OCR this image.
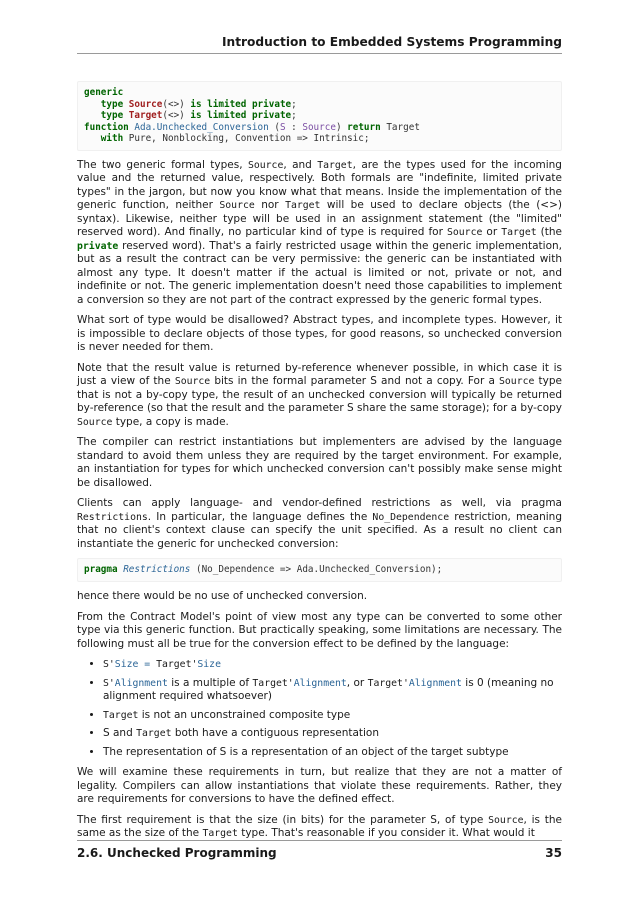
Introduction to Embedded Systems Programming
generic
type Source(<>) is limited private;
type Target(<>) is limited private;
function Ada.Unchecked_Conversion (S : Source) return Target
with Pure, Nonblocking, Convention => Intrinsic;

The two generic formal types, Source, and Target, are the types used for the incoming value and the returned value, respectively. Both formals are "indefinite, limited private types" in the jargon, but now you know what that means. Inside the implementation of the generic function, neither Source nor Target will be used to declare objects (the (<>) syntax). Likewise, neither type will be used in an assignment statement (the "limited" reserved word). And finally, no particular kind of type is required for Source or Target (the private reserved word). That's a fairly restricted usage within the generic implementation, but as a result the contract can be very permissive: the generic can be instantiated with almost any type. It doesn't matter if the actual is limited or not, private or not, and indefinite or not. The generic implementation doesn't need those capabilities to implement a conversion so they are not part of the contract expressed by the generic formal types.

What sort of type would be disallowed? Abstract types, and incomplete types. However, it is impossible to declare objects of those types, for good reasons, so unchecked conversion is never needed for them.

Note that the result value is returned by-reference whenever possible, in which case it is just a view of the Source bits in the formal parameter S and not a copy. For a Source type that is not a by-copy type, the result of an unchecked conversion will typically be returned by-reference (so that the result and the parameter S share the same storage); for a by-copy Source type, a copy is made.

The compiler can restrict instantiations but implementers are advised by the language standard to avoid them unless they are required by the target environment. For example, an instantiation for types for which unchecked conversion can't possibly make sense might be disallowed.

Clients can apply language- and vendor-defined restrictions as well, via pragma Restrictions. In particular, the language defines the No_Dependence restriction, meaning that no client's context clause can specify the unit specified. As a result no client can instantiate the generic for unchecked conversion:

pragma Restrictions (No_Dependence => Ada.Unchecked_Conversion);

hence there would be no use of unchecked conversion.

From the Contract Model's point of view most any type can be converted to some other type via this generic function. But practically speaking, some limitations are necessary. The following must all be true for the conversion effect to be defined by the language:

• S'Size = Target'Size
• S'Alignment is a multiple of Target'Alignment, or Target'Alignment is 0 (meaning no alignment required whatsoever)
• Target is not an unconstrained composite type
• S and Target both have a contiguous representation
• The representation of S is a representation of an object of the target subtype

We will examine these requirements in turn, but realize that they are not a matter of legality. Compilers can allow instantiations that violate these requirements. Rather, they are requirements for conversions to have the defined effect.

The first requirement is that the size (in bits) for the parameter S, of type Source, is the same as the size of the Target type. That's reasonable if you consider it. What would it

2.6. Unchecked Programming	35
